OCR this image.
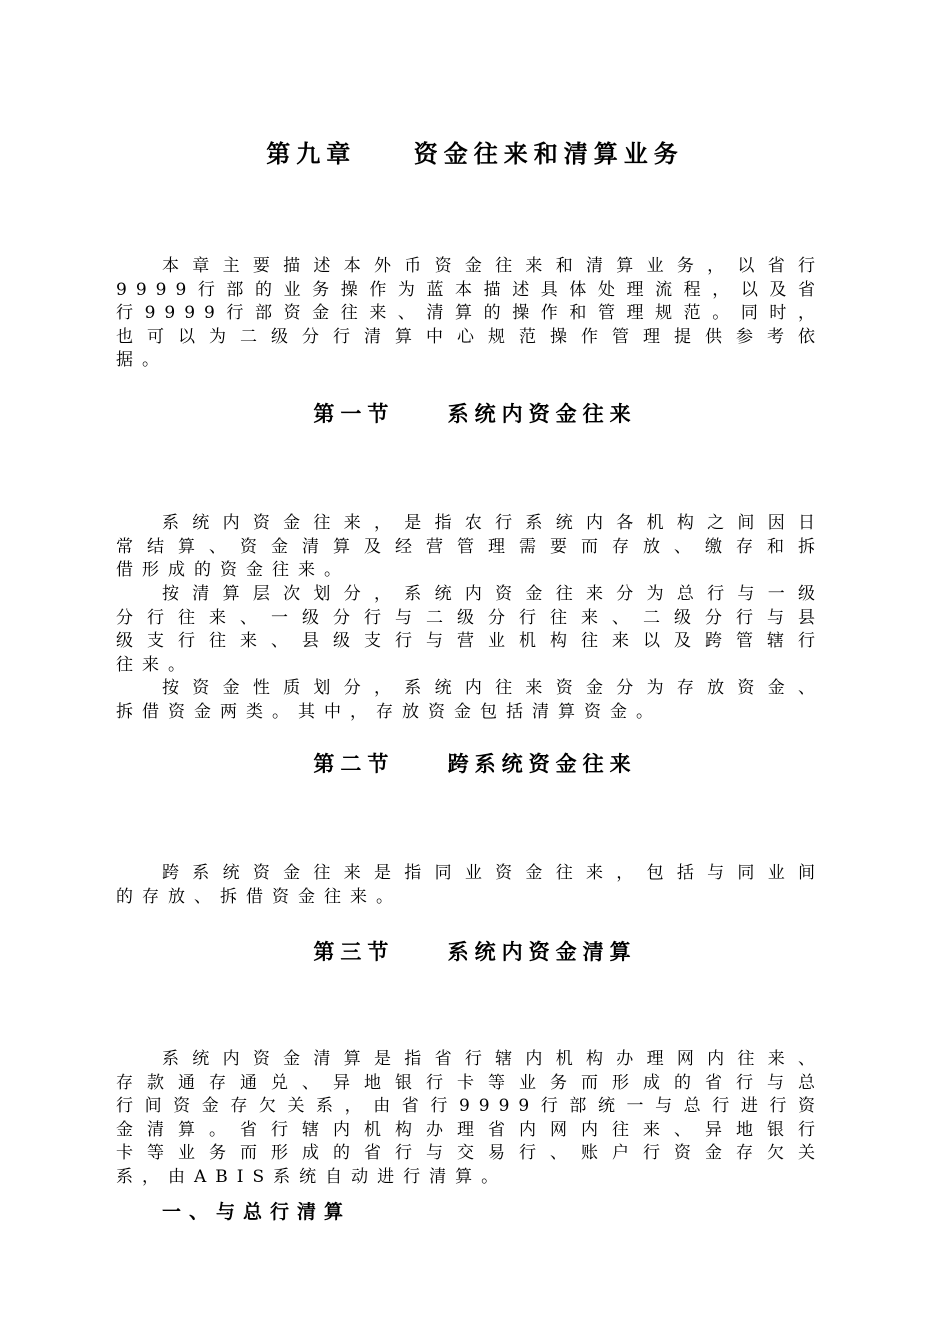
第九章    资金往来和清算业务
本章主要描述本外币资金往来和清算业务，以省行
9999行部的业务操作为蓝本描述具体处理流程，以及省
行9999行部资金往来、清算的操作和管理规范。同时，
也可以为二级分行清算中心规范操作管理提供参考依
据。
第一节    系统内资金往来
系统内资金往来，是指农行系统内各机构之间因日
常结算、资金清算及经营管理需要而存放、缴存和拆
借形成的资金往来。
按清算层次划分，系统内资金往来分为总行与一级
分行往来、一级分行与二级分行往来、二级分行与县
级支行往来、县级支行与营业机构往来以及跨管辖行
往来。
按资金性质划分，系统内往来资金分为存放资金、
拆借资金两类。其中，存放资金包括清算资金。
第二节    跨系统资金往来
跨系统资金往来是指同业资金往来，包括与同业间
的存放、拆借资金往来。
第三节    系统内资金清算
系统内资金清算是指省行辖内机构办理网内往来、
存款通存通兑、异地银行卡等业务而形成的省行与总
行间资金存欠关系，由省行9999行部统一与总行进行资
金清算。省行辖内机构办理省内网内往来、异地银行
卡等业务而形成的省行与交易行、账户行资金存欠关
系，由ABIS系统自动进行清算。
一、与总行清算
